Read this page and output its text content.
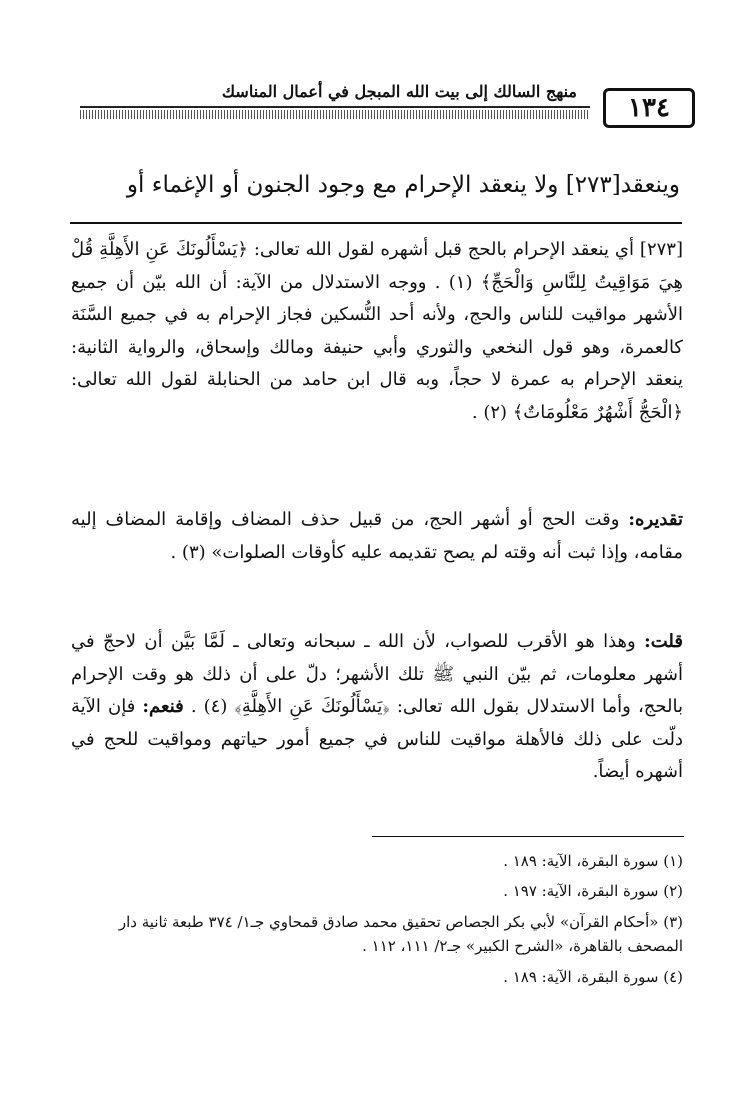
منهج السالك إلى بيت الله المبجل في أعمال المناسك
١٣٤
وينعقد[٢٧٣] ولا ينعقد الإحرام مع وجود الجنون أو الإغماء أو

[٢٧٣] أي ينعقد الإحرام بالحج قبل أشهره لقول الله تعالى: ﴿يَسْأَلُونَكَ عَنِ الأَهِلَّةِ قُلْ هِيَ مَوَاقِيتُ لِلنَّاسِ وَالْحَجِّ﴾ (١) . ووجه الاستدلال من الآية: أن الله بيّن أن جميع الأشهر مواقيت للناس والحج، ولأنه أحد النُّسكين فجاز الإحرام به في جميع السَّنَة كالعمرة، وهو قول النخعي والثوري وأبي حنيفة ومالك وإسحاق، والرواية الثانية: ينعقد الإحرام به عمرة لا حجاً، وبه قال ابن حامد من الحنابلة لقول الله تعالى: ﴿الْحَجُّ أَشْهُرٌ مَعْلُومَاتٌ﴾ (٢) .

تقديره: وقت الحج أو أشهر الحج، من قبيل حذف المضاف وإقامة المضاف إليه مقامه، وإذا ثبت أنه وقته لم يصح تقديمه عليه كأوقات الصلوات» (٣) .

قلت: وهذا هو الأقرب للصواب، لأن الله ـ سبحانه وتعالى ـ لَمَّا بَيَّن أن لاحجّ في أشهر معلومات، ثم بيّن النبي ﷺ تلك الأشهر؛ دلّ على أن ذلك هو وقت الإحرام بالحج، وأما الاستدلال بقول الله تعالى: ﴿يَسْأَلُونَكَ عَنِ الأَهِلَّةِ﴾ (٤) . فنعم: فإن الآية دلّت على ذلك فالأهلة مواقيت للناس في جميع أمور حياتهم ومواقيت للحج في أشهره أيضاً.

(١) سورة البقرة، الآية: ١٨٩ .

(٢) سورة البقرة، الآية: ١٩٧ .

(٣) «أحكام القرآن» لأبي بكر الجصاص تحقيق محمد صادق قمحاوي جـ١/ ٣٧٤ طبعة ثانية دار المصحف بالقاهرة، «الشرح الكبير» جـ٢/ ١١١، ١١٢ .

(٤) سورة البقرة، الآية: ١٨٩ .
